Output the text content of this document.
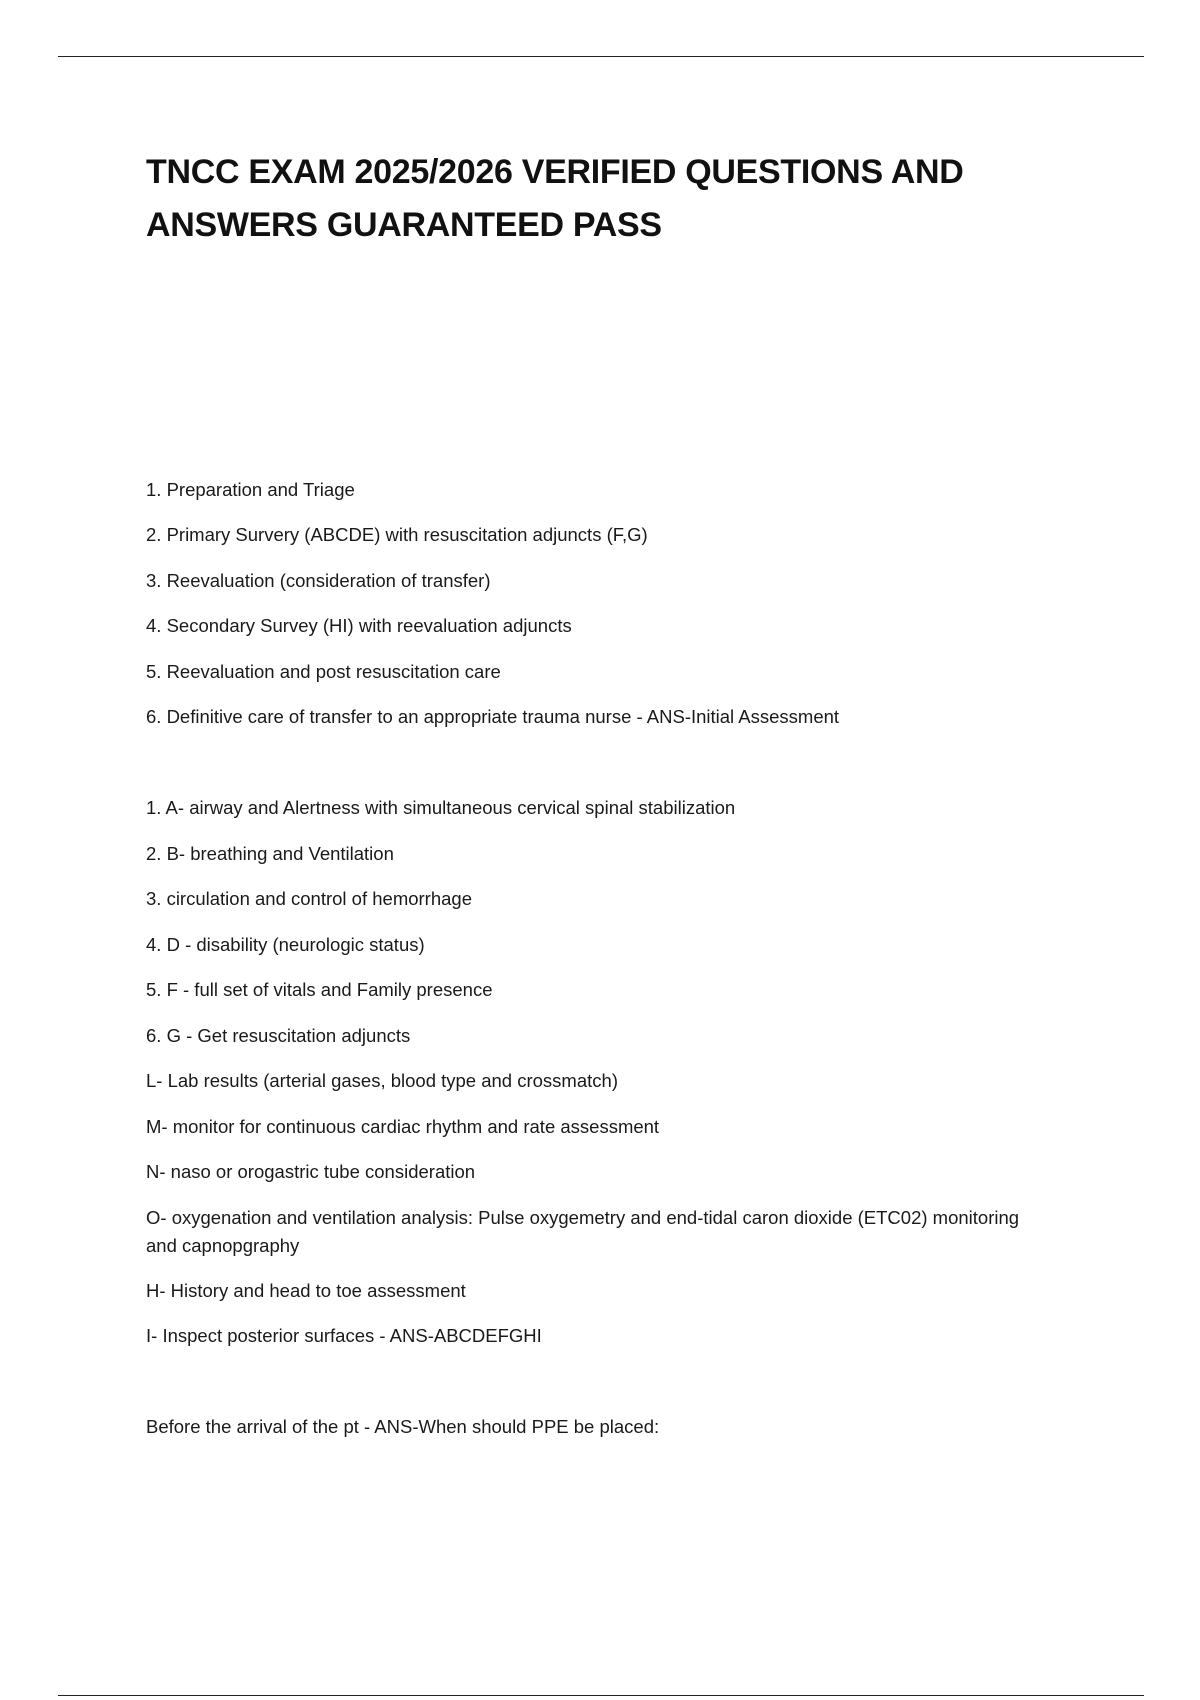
TNCC EXAM 2025/2026 VERIFIED QUESTIONS AND ANSWERS GUARANTEED PASS

1. Preparation and Triage

2. Primary Survery (ABCDE) with resuscitation adjuncts (F,G)

3. Reevaluation (consideration of transfer)

4. Secondary Survey (HI) with reevaluation adjuncts

5. Reevaluation and post resuscitation care

6. Definitive care of transfer to an appropriate trauma nurse - ANS-Initial Assessment

1. A- airway and Alertness with simultaneous cervical spinal stabilization

2. B- breathing and Ventilation

3. circulation and control of hemorrhage

4. D - disability (neurologic status)

5. F - full set of vitals and Family presence

6. G - Get resuscitation adjuncts

L- Lab results (arterial gases, blood type and crossmatch)

M- monitor for continuous cardiac rhythm and rate assessment

N- naso or orogastric tube consideration

O- oxygenation and ventilation analysis: Pulse oxygemetry and end-tidal caron dioxide (ETC02) monitoring and capnopgraphy

H- History and head to toe assessment

I- Inspect posterior surfaces - ANS-ABCDEFGHI

Before the arrival of the pt - ANS-When should PPE be placed:
